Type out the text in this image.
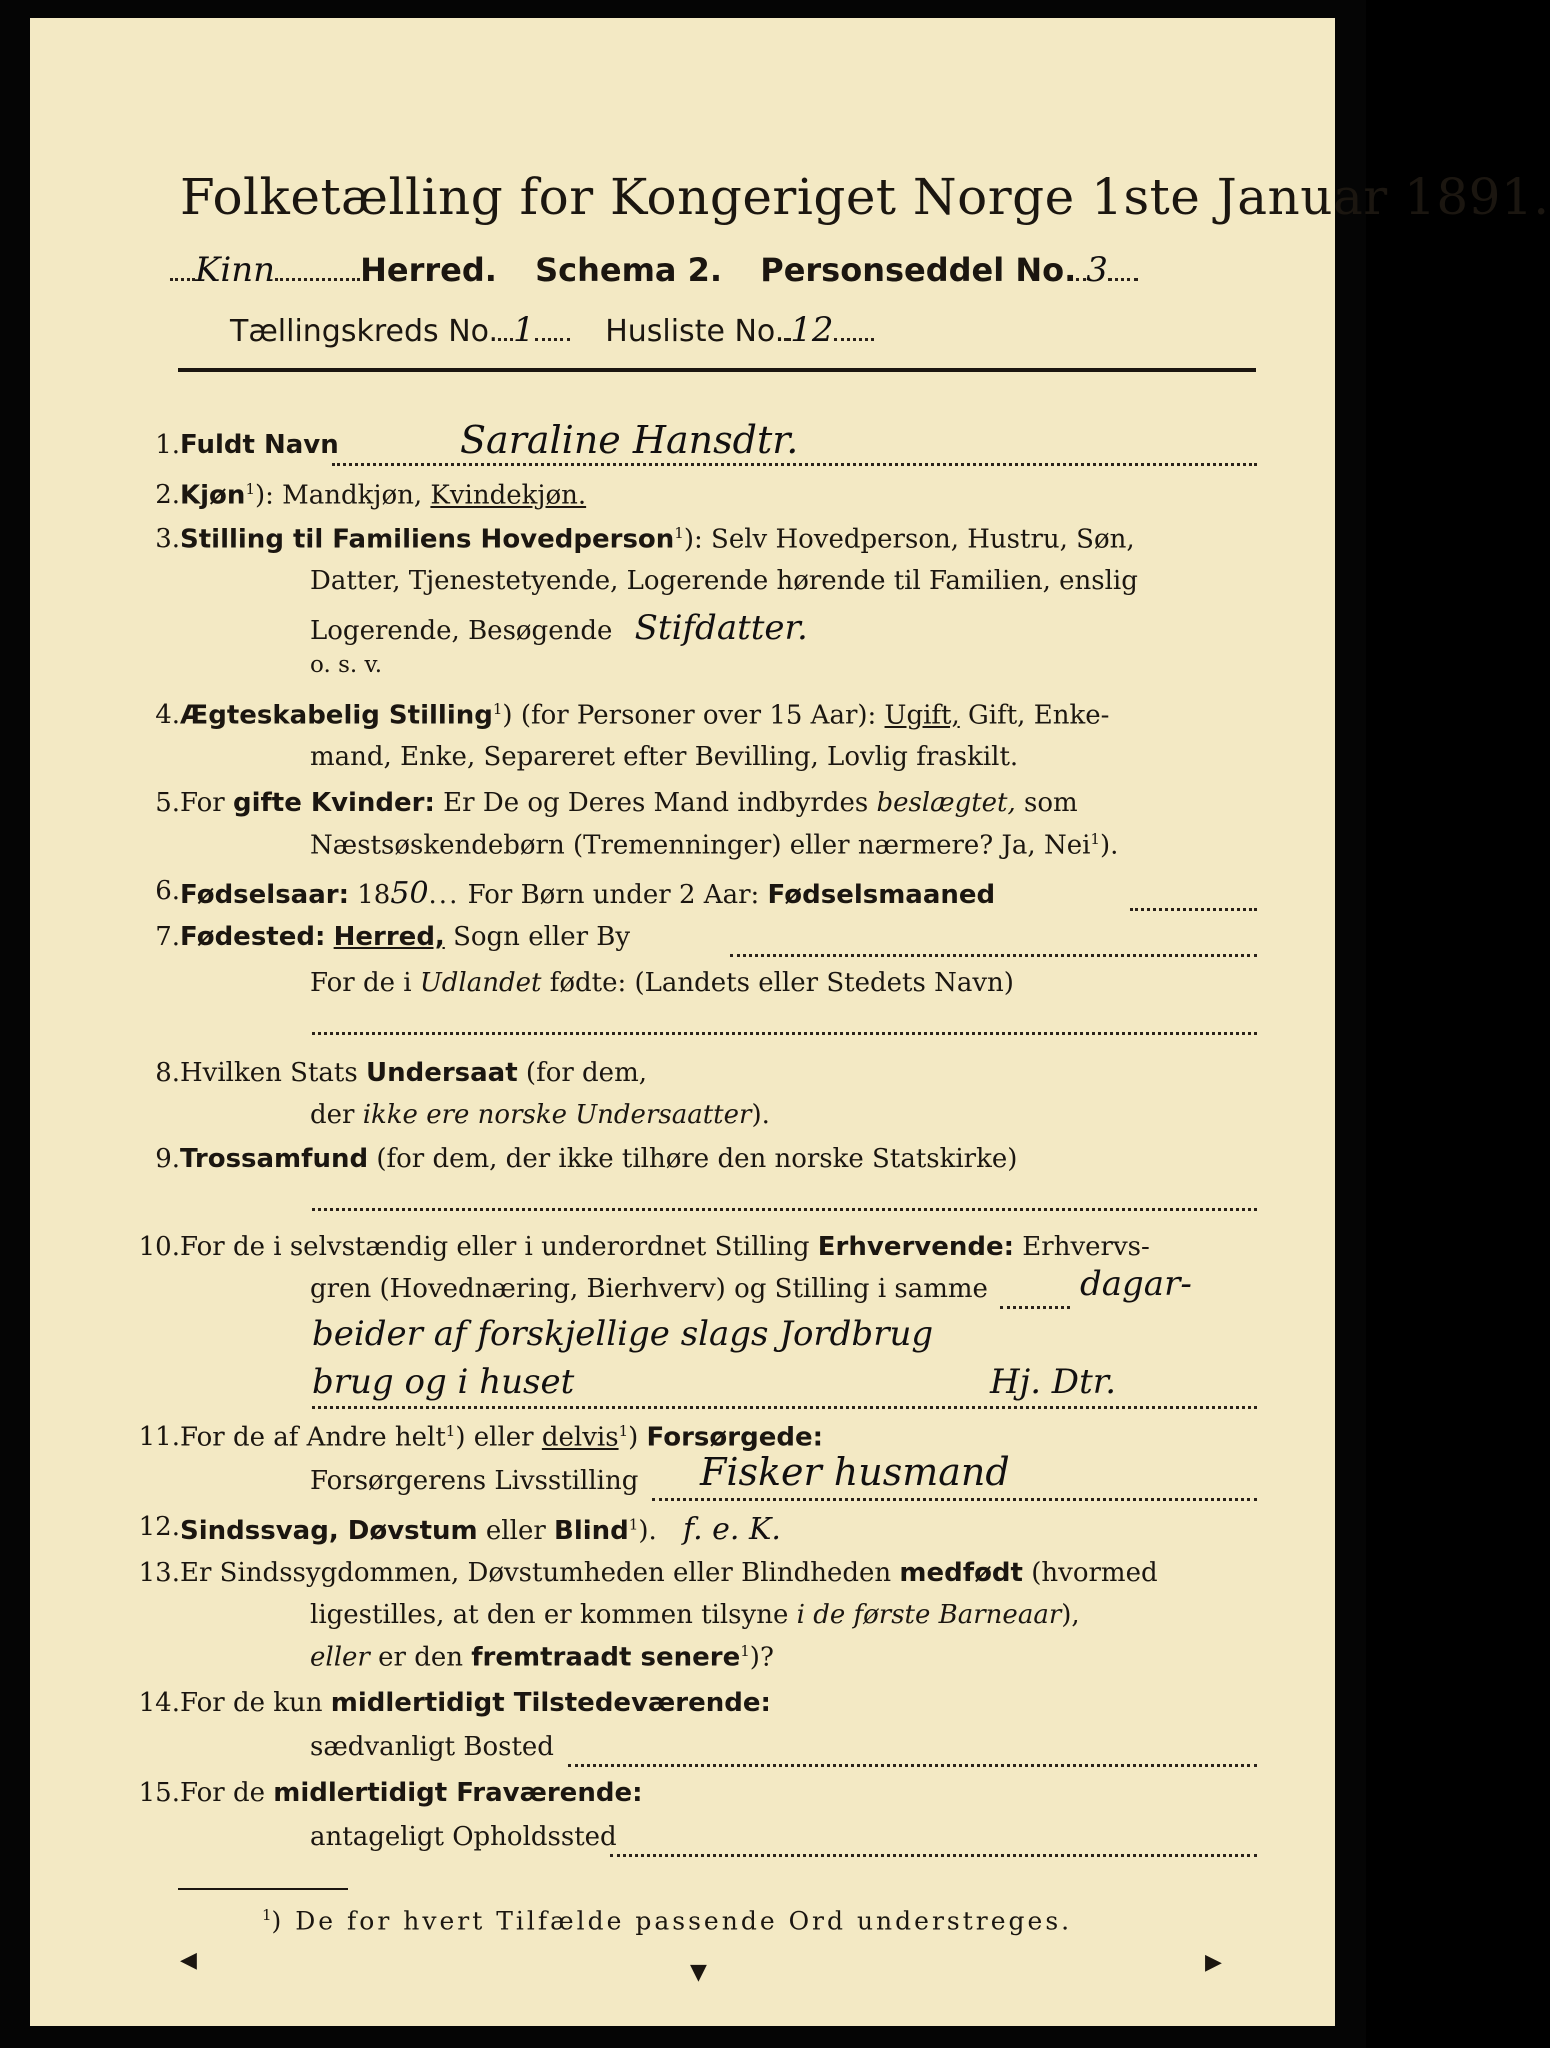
Folketælling for Kongeriget Norge 1ste Januar 1891.
Kinn	Herred. Schema 2. Personseddel No. 3
Tællingskreds No. 1 Husliste No. 12
1. Fuldt Navn	Saraline Hansdtr.
2. Kjøn$^1$): Mandkjøn, Kvindekjøn.
3. Stilling til Familiens Hovedperson$^1$): Selv Hovedperson, Hustru, Søn,
Datter, Tjenestetyende, Logerende hørende til Familien, enslig
Logerende, Besøgende Stifdatter.
o. s. v.
4. Ægteskabelig Stilling$^1$) (for Personer over 15 Aar): Ugift, Gift, Enke-
mand, Enke, Separeret efter Bevilling, Lovlig fraskilt.
5. For gifte Kvinder: Er De og Deres Mand indbyrdes beslægtet, som
Næstsøskendebørn (Tremenninger) eller nærmere? Ja, Nei$^1$).
6. Fødselsaar: 1850... For Børn under 2 Aar: Fødselsmaaned
7. Fødested: Herred, Sogn eller By
For de i Udlandet fødte: (Landets eller Stedets Navn)
8. Hvilken Stats Undersaat (for dem,
der ikke ere norske Undersaatter).
9. Trossamfund (for dem, der ikke tilhøre den norske Statskirke)
10. For de i selvstændig eller i underordnet Stilling Erhvervende: Erhvervs-
gren (Hovednæring, Bierhverv) og Stilling i samme	dagar-
beider af forskjellige slags Jordbrug
brug og i huset	Hj. Dtr.
11. For de af Andre helt$^1$) eller delvis$^1$) Forsørgede:
Forsørgerens Livsstilling Fisker husmand
12. Sindssvag, Døvstum eller Blind$^1$). f. e. K.
13. Er Sindssygdommen, Døvstumheden eller Blindheden medfødt (hvormed
ligestilles, at den er kommen tilsyne i de første Barneaar),
eller er den fremtraadt senere$^1$)?
14. For de kun midlertidigt Tilstedeværende:
sædvanligt Bosted
15. For de midlertidigt Fraværende:
antageligt Opholdssted
$^1$) De for hvert Tilfælde passende Ord understreges.
◀	▼	▶
